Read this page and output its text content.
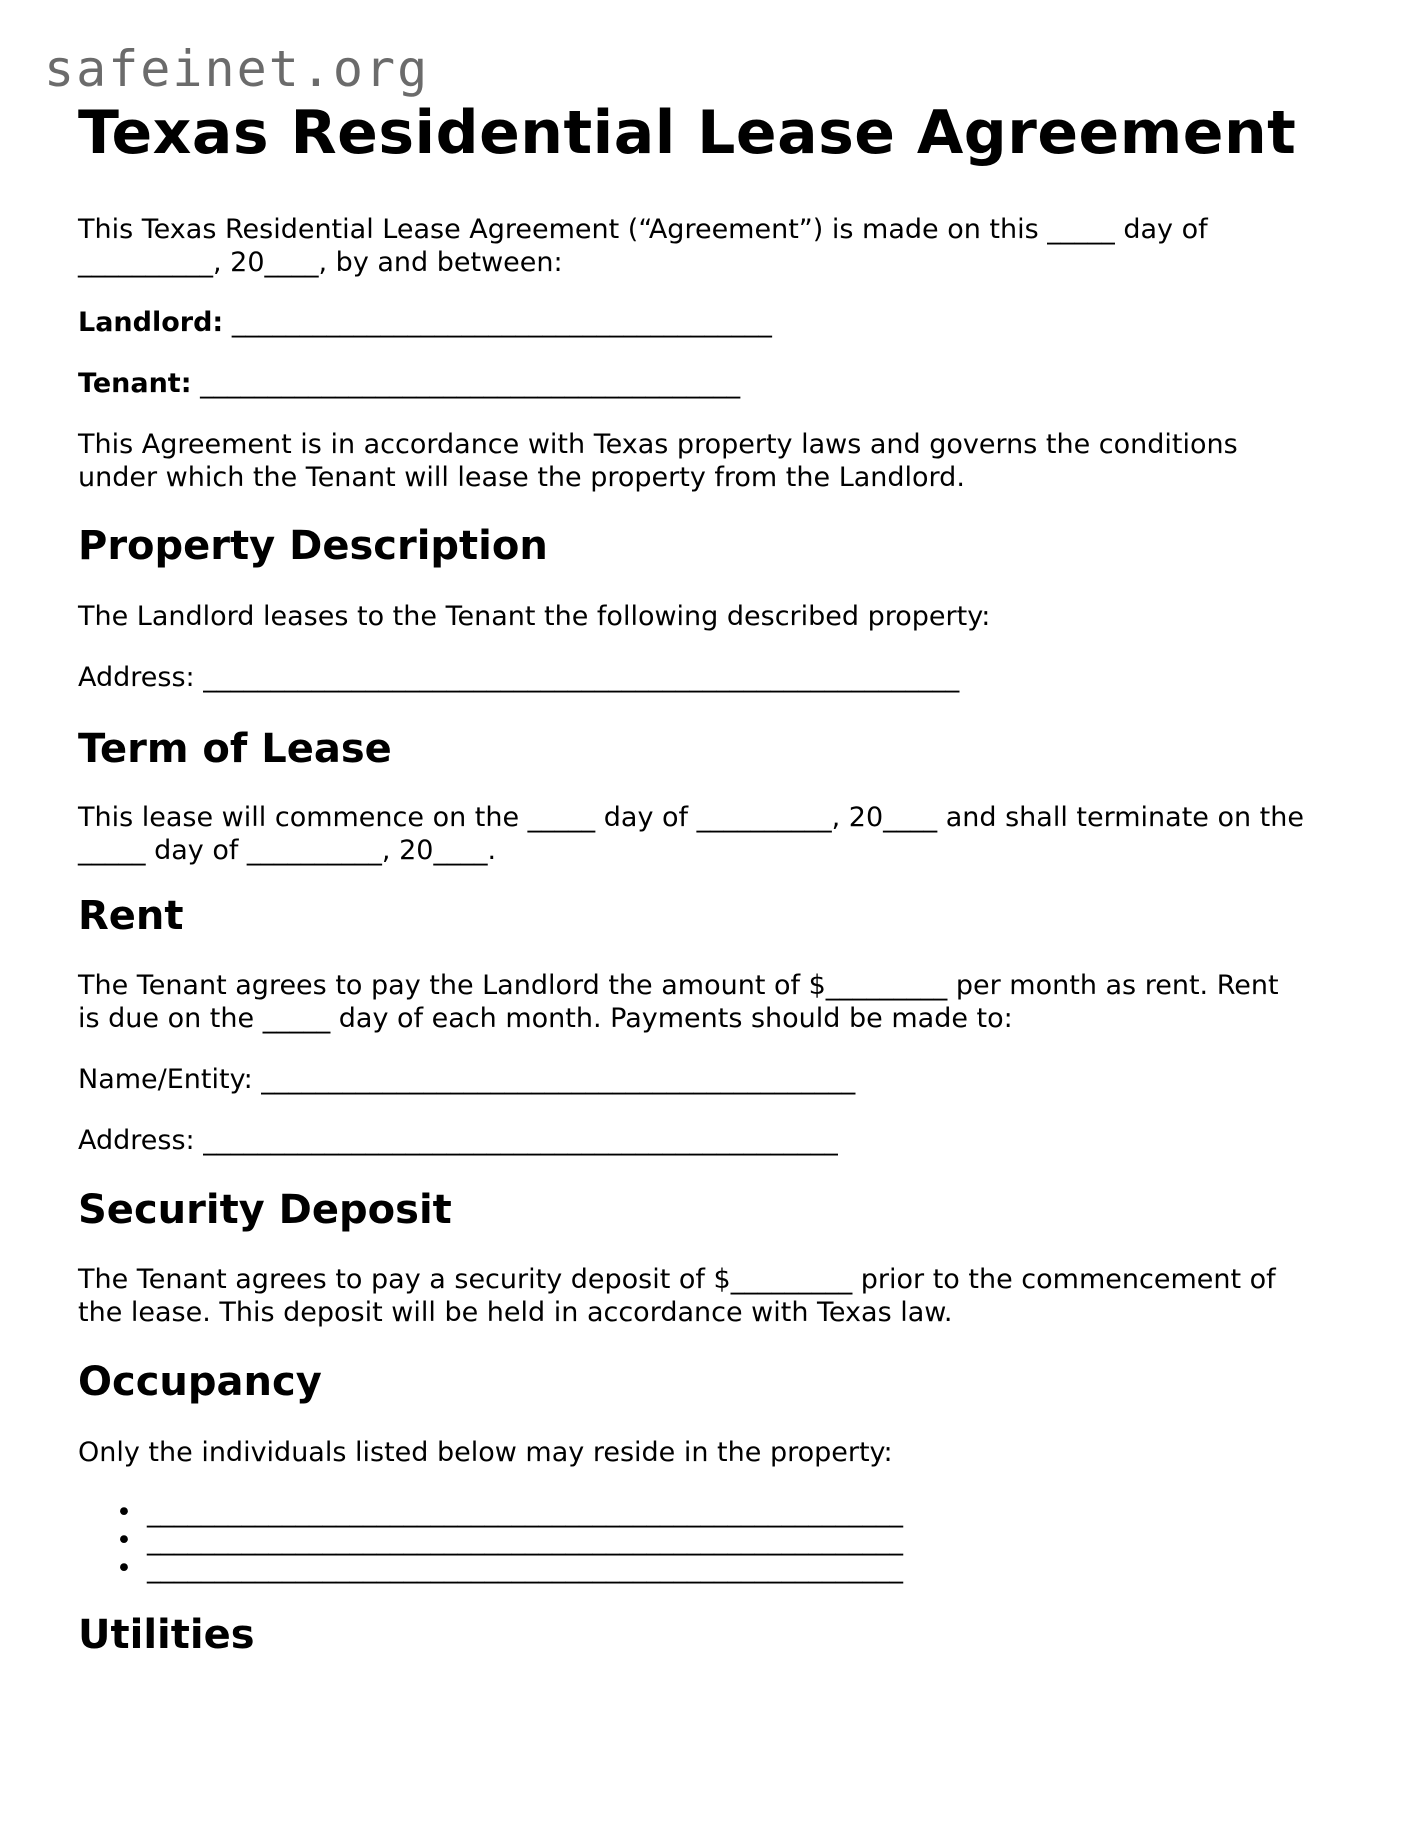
safeinet.org
Texas Residential Lease Agreement

This Texas Residential Lease Agreement (“Agreement”) is made on this _____ day of
__________, 20____, by and between:

Landlord: ________________________________________

Tenant: ________________________________________

This Agreement is in accordance with Texas property laws and governs the conditions
under which the Tenant will lease the property from the Landlord.

Property Description

The Landlord leases to the Tenant the following described property:

Address: ________________________________________________________

Term of Lease

This lease will commence on the _____ day of __________, 20____ and shall terminate on the
_____ day of __________, 20____.

Rent

The Tenant agrees to pay the Landlord the amount of $_________ per month as rent. Rent
is due on the _____ day of each month. Payments should be made to:

Name/Entity: ____________________________________________

Address: _______________________________________________

Security Deposit

The Tenant agrees to pay a security deposit of $_________ prior to the commencement of
the lease. This deposit will be held in accordance with Texas law.

Occupancy

Only the individuals listed below may reside in the property:

• ________________________________________________________
• ________________________________________________________
• ________________________________________________________
Utilities
